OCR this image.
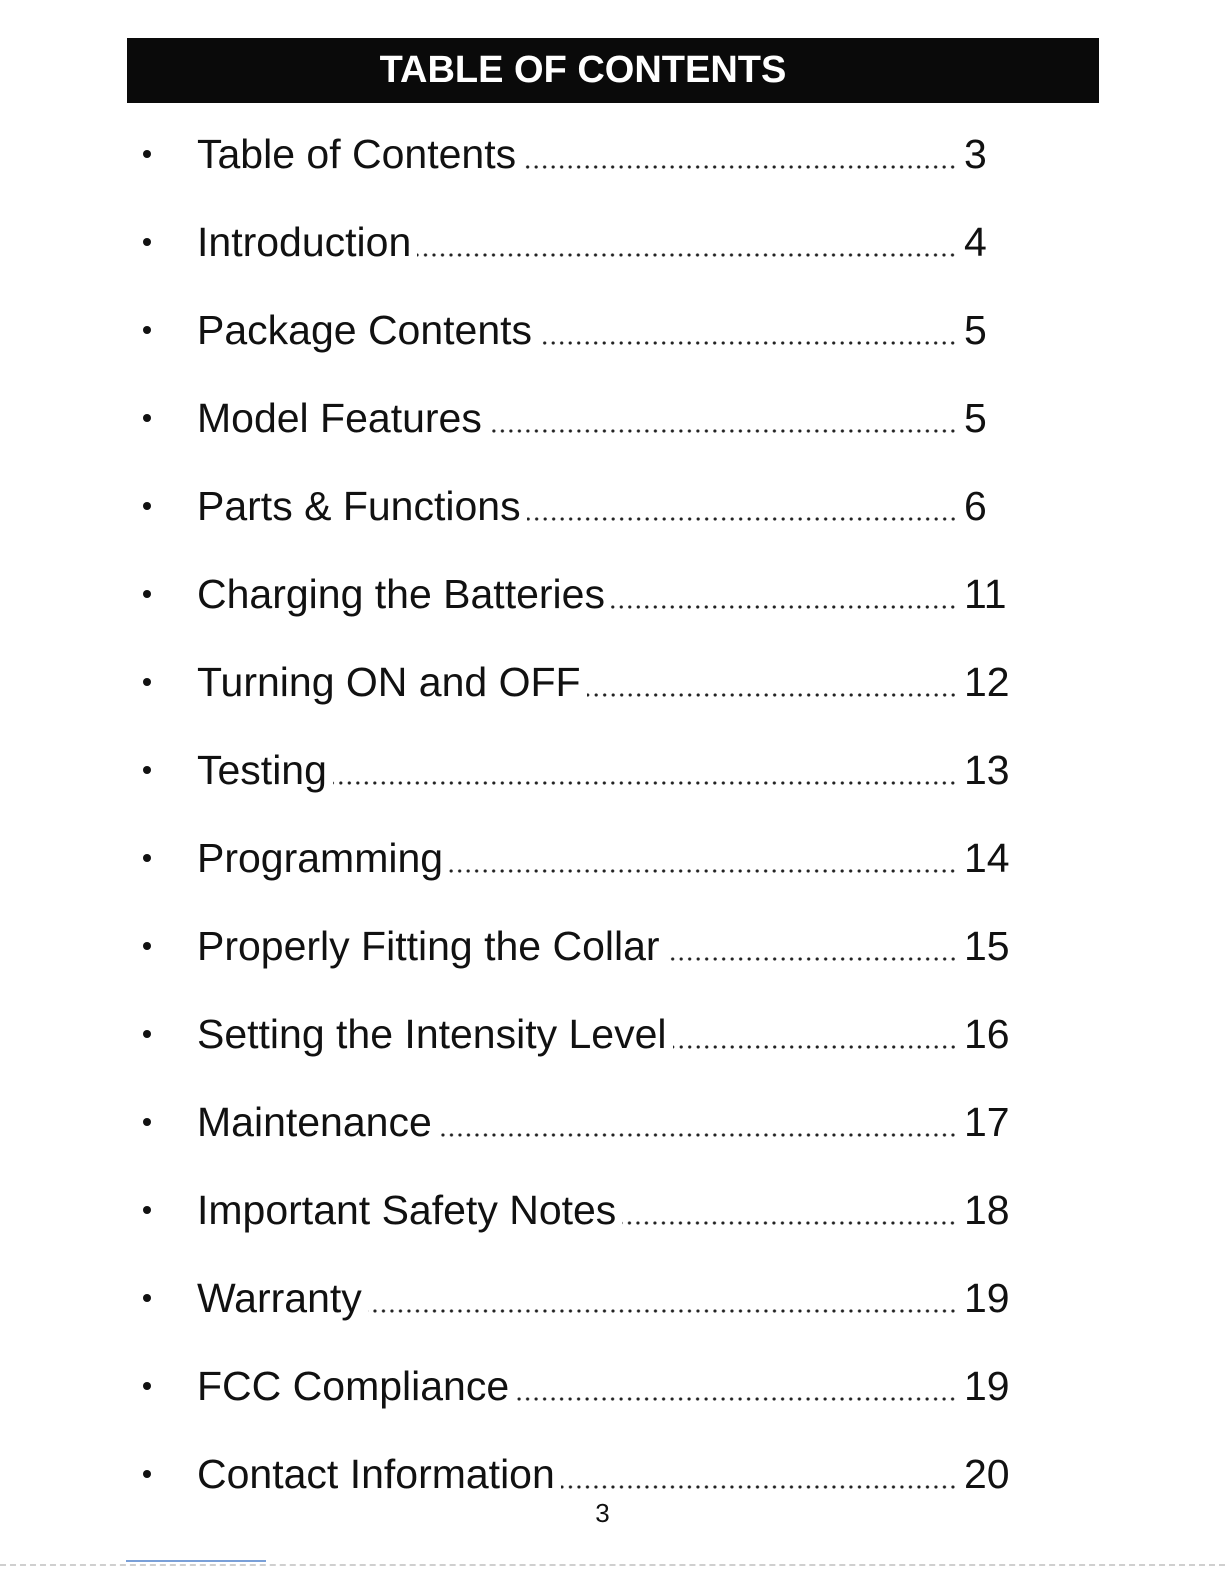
TABLE OF CONTENTS
Table of Contents	3
Introduction	4
Package Contents	5
Model Features	5
Parts & Functions	6
Charging the Batteries	11
Turning ON and OFF	12
Testing	13
Programming	14
Properly Fitting the Collar	15
Setting the Intensity Level	16
Maintenance	17
Important Safety Notes	18
Warranty	19
FCC Compliance	19
Contact Information	20
3
